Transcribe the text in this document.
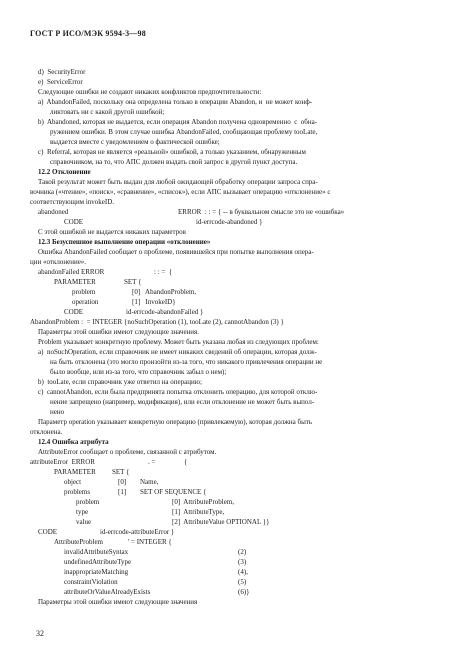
ГОСТ Р ИСО/МЭК 9594-3—98
d)  SecurityError
e)  ServiceError
Следующие ошибки не создают никаких конфликтов предпочтительности:
a)  AbandonFailed, поскольку она определена только в операции Abandon, и  не может конф-
ликтовать ни с какой другой ошибкой;
b)  Abandoned, которая не выдается, если операция Abandon получена одновременно  с  обна-
ружением ошибки. В этом случае ошибка AbandonFailed, сообщающая проблему tooLate,
выдается вместе с уведомлением о фактической ошибке;
c)  Referral, которая не является «реальной» ошибкой, а только указанием, обнаруженным
справочником, на то, что АПС должен выдать свой запрос в другой пункт доступа.
12.2 Отклонение
Такой результат может быть выдан для любой ожидающей обработку операции запроса спра-
вочника («чтение», «поиск», «сравнение», «список»), если АПС вызывает операцию «отклонение» с
соответствующим invokeID.
abandoned	ERROR  : : = { -- в буквальном смысле это не «ошибка»
CODE	id-errcode-abandoned }
С этой ошибкой не выдается никаких параметров
12.3 Безуспешное выполнение операции «отклонение»
Ошибка AbandonFailed сообщает о проблеме, появившейся при попытке выполнения опера-
ции «отклонение».
abandonFailed ERROR	: : =  {
PARAMETER	SET {
problem	[0]   AbandonProblem,
operation	[1]   InvokeID}
CODE	id-errcode-abandonFailed }
AbandonProblem :  = INTEGER {noSuchOperation (1), tooLate (2), cannotAbandon (3) }
Параметры этой ошибки имеют следующие значения.
Problem указывает конкретную проблему. Может быть указана любая из следующих проблем:
a)  noSuchOperation, если справочник не имеет никаких сведений об операции, которая долж-
на быть отклонена (это могло произойти из-за того, что никакого привлечения операции не
было вообще, или из-за того, что справочник забыл о нем);
b)  tooLate, если справочник уже ответил на операцию;
c)  cannotAbandon, если была предпринята попытка отклонить операцию, для которой отклю-
нение запрещено (например, модификация), или если отклонение не может быть выпол-
нено
Параметр operation указывает конкретную операцию (привлекаемую), которая должна быть
отклонена.
12.4 Ошибка атрибута
AttributeError сообщает о проблеме, связанной с атрибутом.
attributeError  ERROR	. =	{
PARAMETER SET {
object	[0] Name,
problems	[1] SET OF SEQUENCE {
problem	[0]  AttributeProblem,
type	[1]  AttributeType,
value	[2]  AttributeValue OPTIONAL }}
CODE	id-errcode-attributeError }
AttributeProblem	' = INTEGER {
invalidAttributeSyntax	(2)
undefinedAttributeType	(3)
inappropriateMatching	(4),
constraintViolation	(5)
attributeOrValueAlreadyExists	(6)}
Параметры этой ошибки имеют следующие значения
32
